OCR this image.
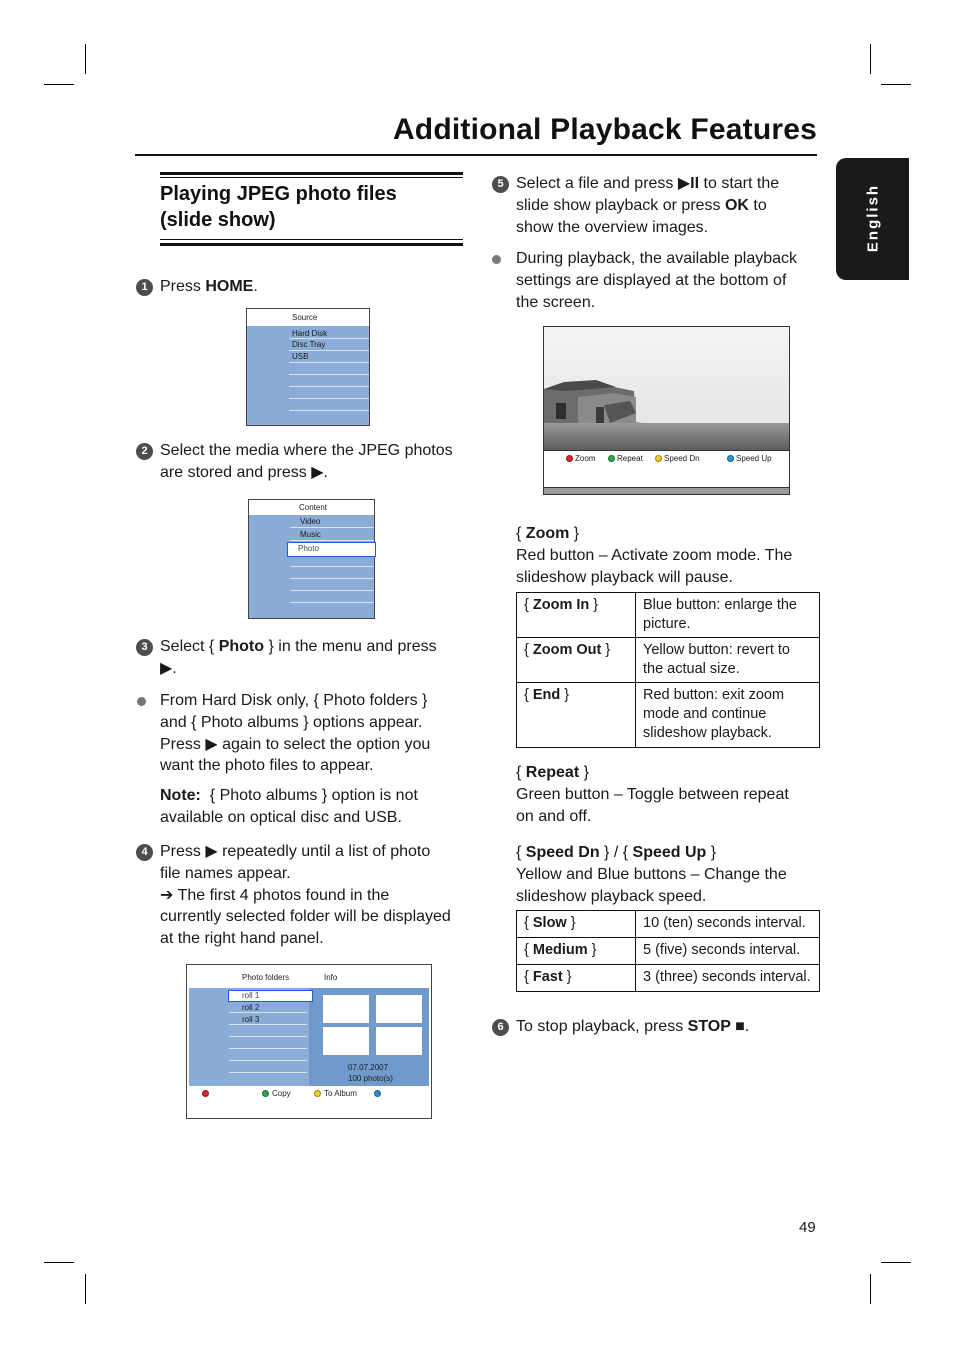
Additional Playback Features
English
Playing JPEG photo files
(slide show)
1 Press HOME.
Source
Hard Disk
Disc Tray
USB
2 Select the media where the JPEG photos
are stored and press ▶.
Content
Video
Music
Photo
3 Select { Photo } in the menu and press
▶.
From Hard Disk only, { Photo folders }
and { Photo albums } options appear.
Press ▶ again to select the option you
want the photo files to appear.
Note: { Photo albums } option is not
available on optical disc and USB.
4 Press ▶ repeatedly until a list of photo
file names appear.
➔ The first 4 photos found in the
currently selected folder will be displayed
at the right hand panel.
Photo folders	Info
roll 1
roll 2
roll 3
07.07.2007
100 photo(s)
Copy	To Album
5 Select a file and press ▶II to start the
slide show playback or press OK to
show the overview images.
During playback, the available playback
settings are displayed at the bottom of
the screen.
Zoom	Repeat	Speed Dn	Speed Up
{ Zoom }
Red button – Activate zoom mode. The
slideshow playback will pause.
{ Zoom In }	Blue button: enlarge the
picture.

{ Zoom Out }	Yellow button: revert to
the actual size.

{ End }	Red button: exit zoom
mode and continue
slideshow playback.
{ Repeat }
Green button – Toggle between repeat
on and off.
{ Speed Dn } / { Speed Up }
Yellow and Blue buttons – Change the
slideshow playback speed.
{ Slow }	10 (ten) seconds interval.
{ Medium }	5 (five) seconds interval.
{ Fast }	3 (three) seconds interval.
6 To stop playback, press STOP ■.
49
